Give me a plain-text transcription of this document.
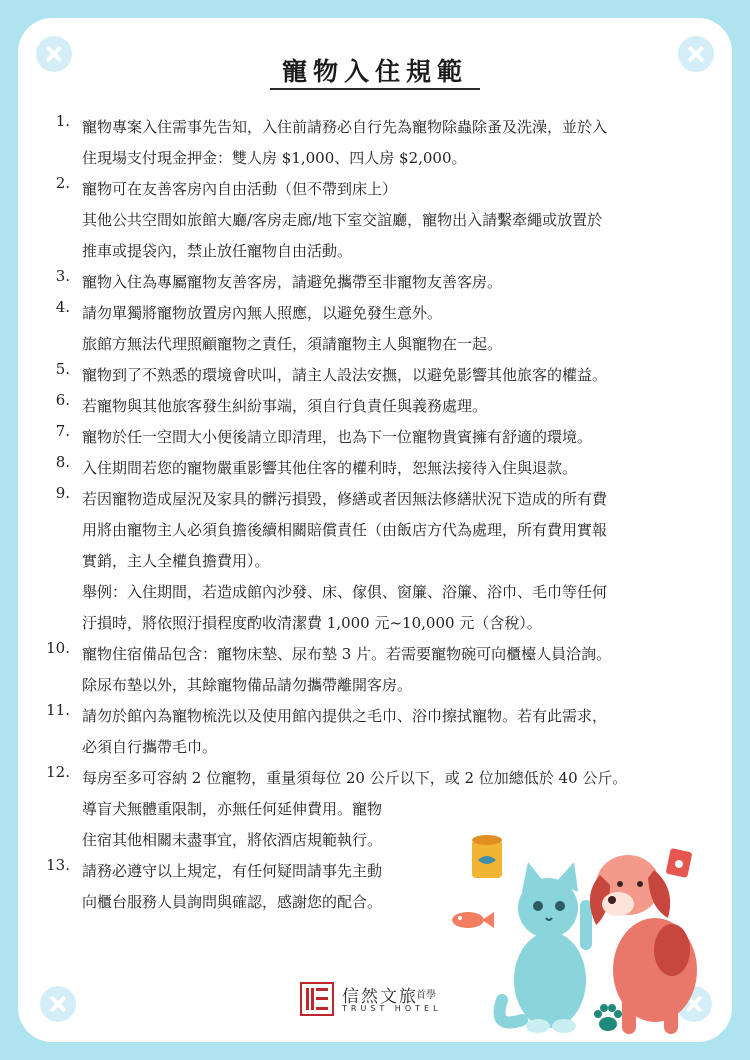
寵物入住規範
1. 寵物專案入住需事先告知，入住前請務必自行先為寵物除蟲除蚤及洗澡，並於入
住現場支付現金押金：雙人房 $1,000、四人房 $2,000。
2. 寵物可在友善客房內自由活動（但不帶到床上）
其他公共空間如旅館大廳/客房走廊/地下室交誼廳，寵物出入請繫牽繩或放置於
推車或提袋內，禁止放任寵物自由活動。
3. 寵物入住為專屬寵物友善客房，請避免攜帶至非寵物友善客房。
4. 請勿單獨將寵物放置房內無人照應，以避免發生意外。
旅館方無法代理照顧寵物之責任，須請寵物主人與寵物在一起。
5. 寵物到了不熟悉的環境會吠叫，請主人設法安撫，以避免影響其他旅客的權益。
6. 若寵物與其他旅客發生糾紛事端，須自行負責任與義務處理。
7. 寵物於任一空間大小便後請立即清理，也為下一位寵物貴賓擁有舒適的環境。
8. 入住期間若您的寵物嚴重影響其他住客的權利時，恕無法接待入住與退款。
9. 若因寵物造成屋況及家具的髒污損毀，修繕或者因無法修繕狀況下造成的所有費
用將由寵物主人必須負擔後續相關賠償責任（由飯店方代為處理，所有費用實報
實銷，主人全權負擔費用）。
舉例：入住期間，若造成館內沙發、床、傢俱、窗簾、浴簾、浴巾、毛巾等任何
汙損時，將依照汙損程度酌收清潔費 1,000 元~10,000 元（含稅）。
10. 寵物住宿備品包含：寵物床墊、尿布墊 3 片。若需要寵物碗可向櫃檯人員洽詢。
除尿布墊以外，其餘寵物備品請勿攜帶離開客房。
11. 請勿於館內為寵物梳洗以及使用館內提供之毛巾、浴巾擦拭寵物。若有此需求，
必須自行攜帶毛巾。
12. 每房至多可容納 2 位寵物，重量須每位 20 公斤以下，或 2 位加總低於 40 公斤。
導盲犬無體重限制，亦無任何延伸費用。寵物
住宿其他相關未盡事宜，將依酒店規範執行。
13. 請務必遵守以上規定，有任何疑問請事先主動
向櫃台服務人員詢問與確認，感謝您的配合。
信然文旅
首學
TRUST HOTEL
